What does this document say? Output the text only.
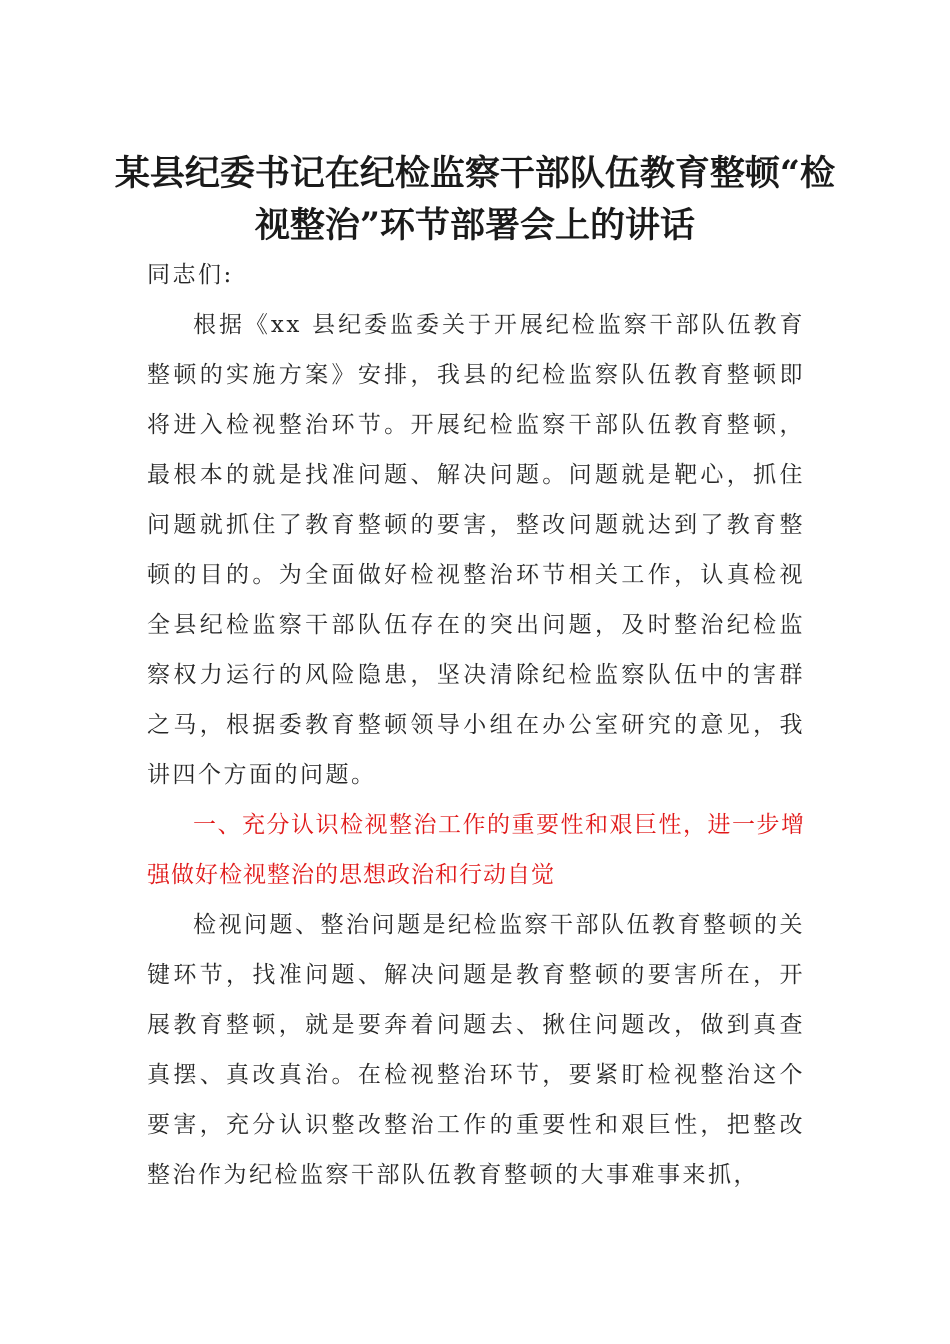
某县纪委书记在纪检监察干部队伍教育整顿“检视整治”环节部署会上的讲话

同志们:

根据《xx 县纪委监委关于开展纪检监察干部队伍教育整顿的实施方案》安排，我县的纪检监察队伍教育整顿即将进入检视整治环节。开展纪检监察干部队伍教育整顿，最根本的就是找准问题、解决问题。问题就是靶心，抓住问题就抓住了教育整顿的要害，整改问题就达到了教育整顿的目的。为全面做好检视整治环节相关工作，认真检视全县纪检监察干部队伍存在的突出问题，及时整治纪检监察权力运行的风险隐患，坚决清除纪检监察队伍中的害群之马，根据委教育整顿领导小组在办公室研究的意见，我讲四个方面的问题。

一、充分认识检视整治工作的重要性和艰巨性，进一步增强做好检视整治的思想政治和行动自觉

检视问题、整治问题是纪检监察干部队伍教育整顿的关键环节，找准问题、解决问题是教育整顿的要害所在，开展教育整顿，就是要奔着问题去、揪住问题改，做到真查真摆、真改真治。在检视整治环节，要紧盯检视整治这个要害，充分认识整改整治工作的重要性和艰巨性，把整改整治作为纪检监察干部队伍教育整顿的大事难事来抓，
